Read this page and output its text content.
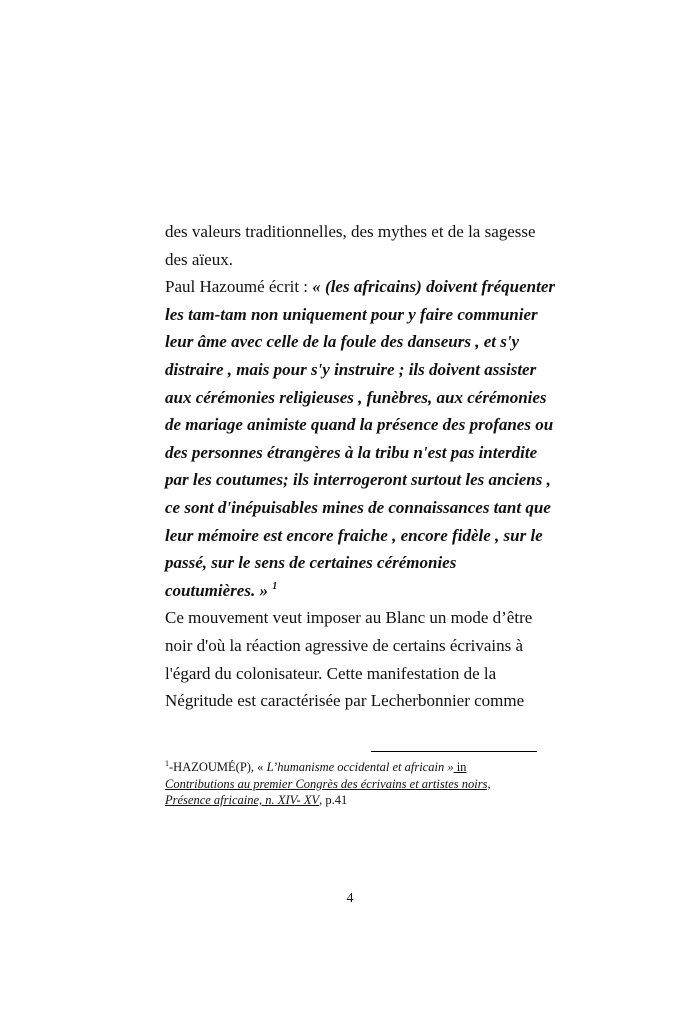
des valeurs traditionnelles, des mythes et de la sagesse
des aïeux.
Paul Hazoumé écrit : « (les africains) doivent fréquenter
les tam-tam non uniquement pour y faire communier
leur âme avec celle de la foule des danseurs , et s'y
distraire , mais pour s'y instruire ; ils doivent assister
aux cérémonies religieuses , funèbres, aux cérémonies
de mariage animiste quand la présence des profanes ou
des personnes étrangères à la tribu n'est pas interdite
par les coutumes; ils interrogeront surtout les anciens ,
ce sont d'inépuisables mines de connaissances tant que
leur mémoire est encore fraiche , encore fidèle , sur le
passé, sur le sens de certaines cérémonies
coutumières. » $^1$
Ce mouvement veut imposer au Blanc un mode d’être
noir d'où la réaction agressive de certains écrivains à
l'égard du colonisateur. Cette manifestation de la
Négritude est caractérisée par Lecherbonnier comme
$^1$-HAZOUMÉ(P), « L’humanisme occidental et africain » in
Contributions au premier Congrès des écrivains et artistes noirs,
Présence africaine, n. XIV- XV, p.41
4
